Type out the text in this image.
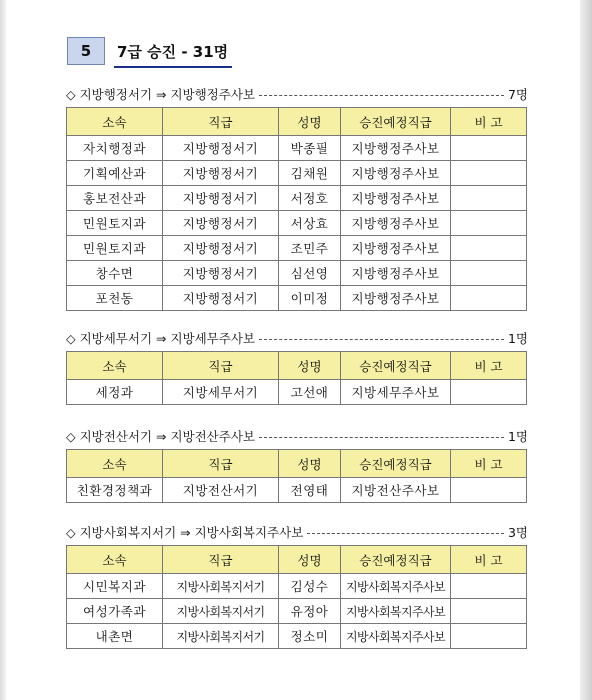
5	7급 승진 - 31명
◇ 지방행정서기 ⇒ 지방행정주사보	7명
소속	직급	성명	승진예정직급	비 고
자치행정과	지방행정서기	박종필	지방행정주사보	
기획예산과	지방행정서기	김채원	지방행정주사보	
홍보전산과	지방행정서기	서정호	지방행정주사보	
민원토지과	지방행정서기	서상효	지방행정주사보	
민원토지과	지방행정서기	조민주	지방행정주사보	
창수면	지방행정서기	심선영	지방행정주사보	
포천동	지방행정서기	이미정	지방행정주사보	
◇ 지방세무서기 ⇒ 지방세무주사보	1명
소속	직급	성명	승진예정직급	비 고
세정과	지방세무서기	고선애	지방세무주사보	
◇ 지방전산서기 ⇒ 지방전산주사보	1명
소속	직급	성명	승진예정직급	비 고
친환경정책과	지방전산서기	전영태	지방전산주사보	
◇ 지방사회복지서기 ⇒ 지방사회복지주사보	3명
소속	직급	성명	승진예정직급	비 고
시민복지과	지방사회복지서기	김성수	지방사회복지주사보	
여성가족과	지방사회복지서기	유정아	지방사회복지주사보	
내촌면	지방사회복지서기	정소미	지방사회복지주사보	
